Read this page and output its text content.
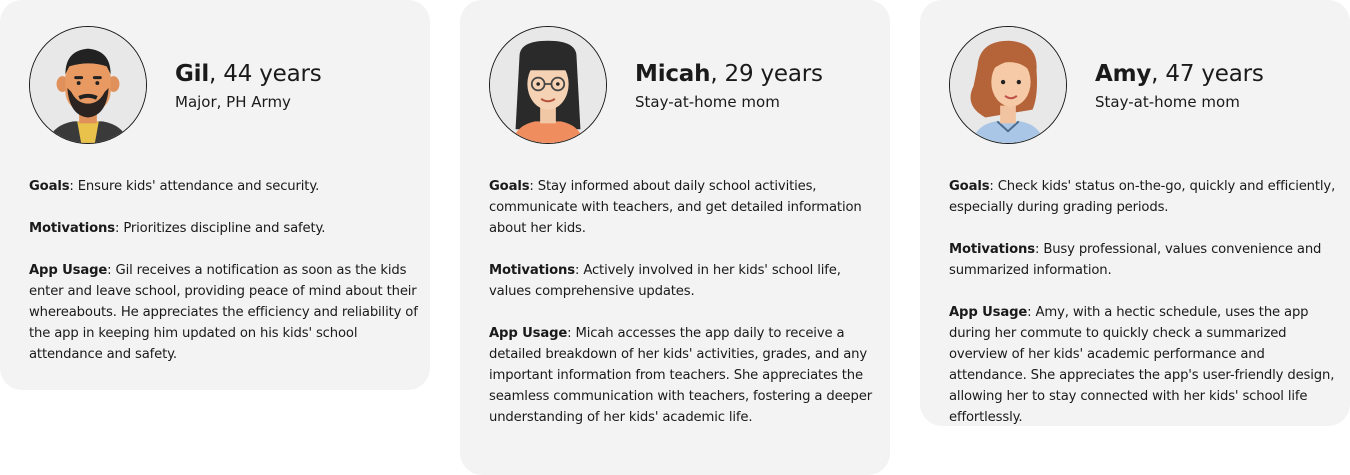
Gil, 44 years
Major, PH Army

Goals: Ensure kids' attendance and security.

Motivations: Prioritizes discipline and safety.

App Usage: Gil receives a notification as soon as the kids enter and leave school, providing peace of mind about their whereabouts. He appreciates the efficiency and reliability of the app in keeping him updated on his kids' school attendance and safety.

Micah, 29 years
Stay-at-home mom

Goals: Stay informed about daily school activities, communicate with teachers, and get detailed information about her kids.

Motivations: Actively involved in her kids' school life, values comprehensive updates.

App Usage: Micah accesses the app daily to receive a detailed breakdown of her kids' activities, grades, and any important information from teachers. She appreciates the seamless communication with teachers, fostering a deeper understanding of her kids' academic life.

Amy, 47 years
Stay-at-home mom

Goals: Check kids' status on-the-go, quickly and efficiently, especially during grading periods.

Motivations: Busy professional, values convenience and summarized information.

App Usage: Amy, with a hectic schedule, uses the app during her commute to quickly check a summarized overview of her kids' academic performance and attendance. She appreciates the app's user-friendly design, allowing her to stay connected with her kids' school life effortlessly.
